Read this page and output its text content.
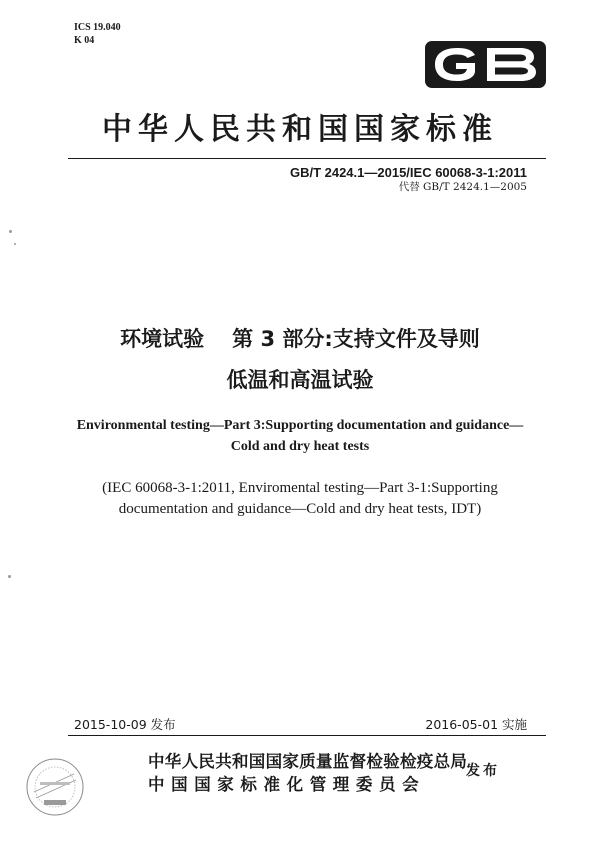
ICS 19.040
K 04
中华人民共和国国家标准
GB/T 2424.1—2015/IEC 60068-3-1:2011
代替 GB/T 2424.1—2005
环境试验 第 3 部分:支持文件及导则
低温和高温试验
Environmental testing—Part 3:Supporting documentation and guidance—
Cold and dry heat tests
(IEC 60068-3-1:2011, Enviromental testing—Part 3-1:Supporting
documentation and guidance—Cold and dry heat tests, IDT)
2015-10-09 发布	2016-05-01 实施
中华人民共和国国家质量监督检验检疫总局
中国国家标准化管理委员会
发布
